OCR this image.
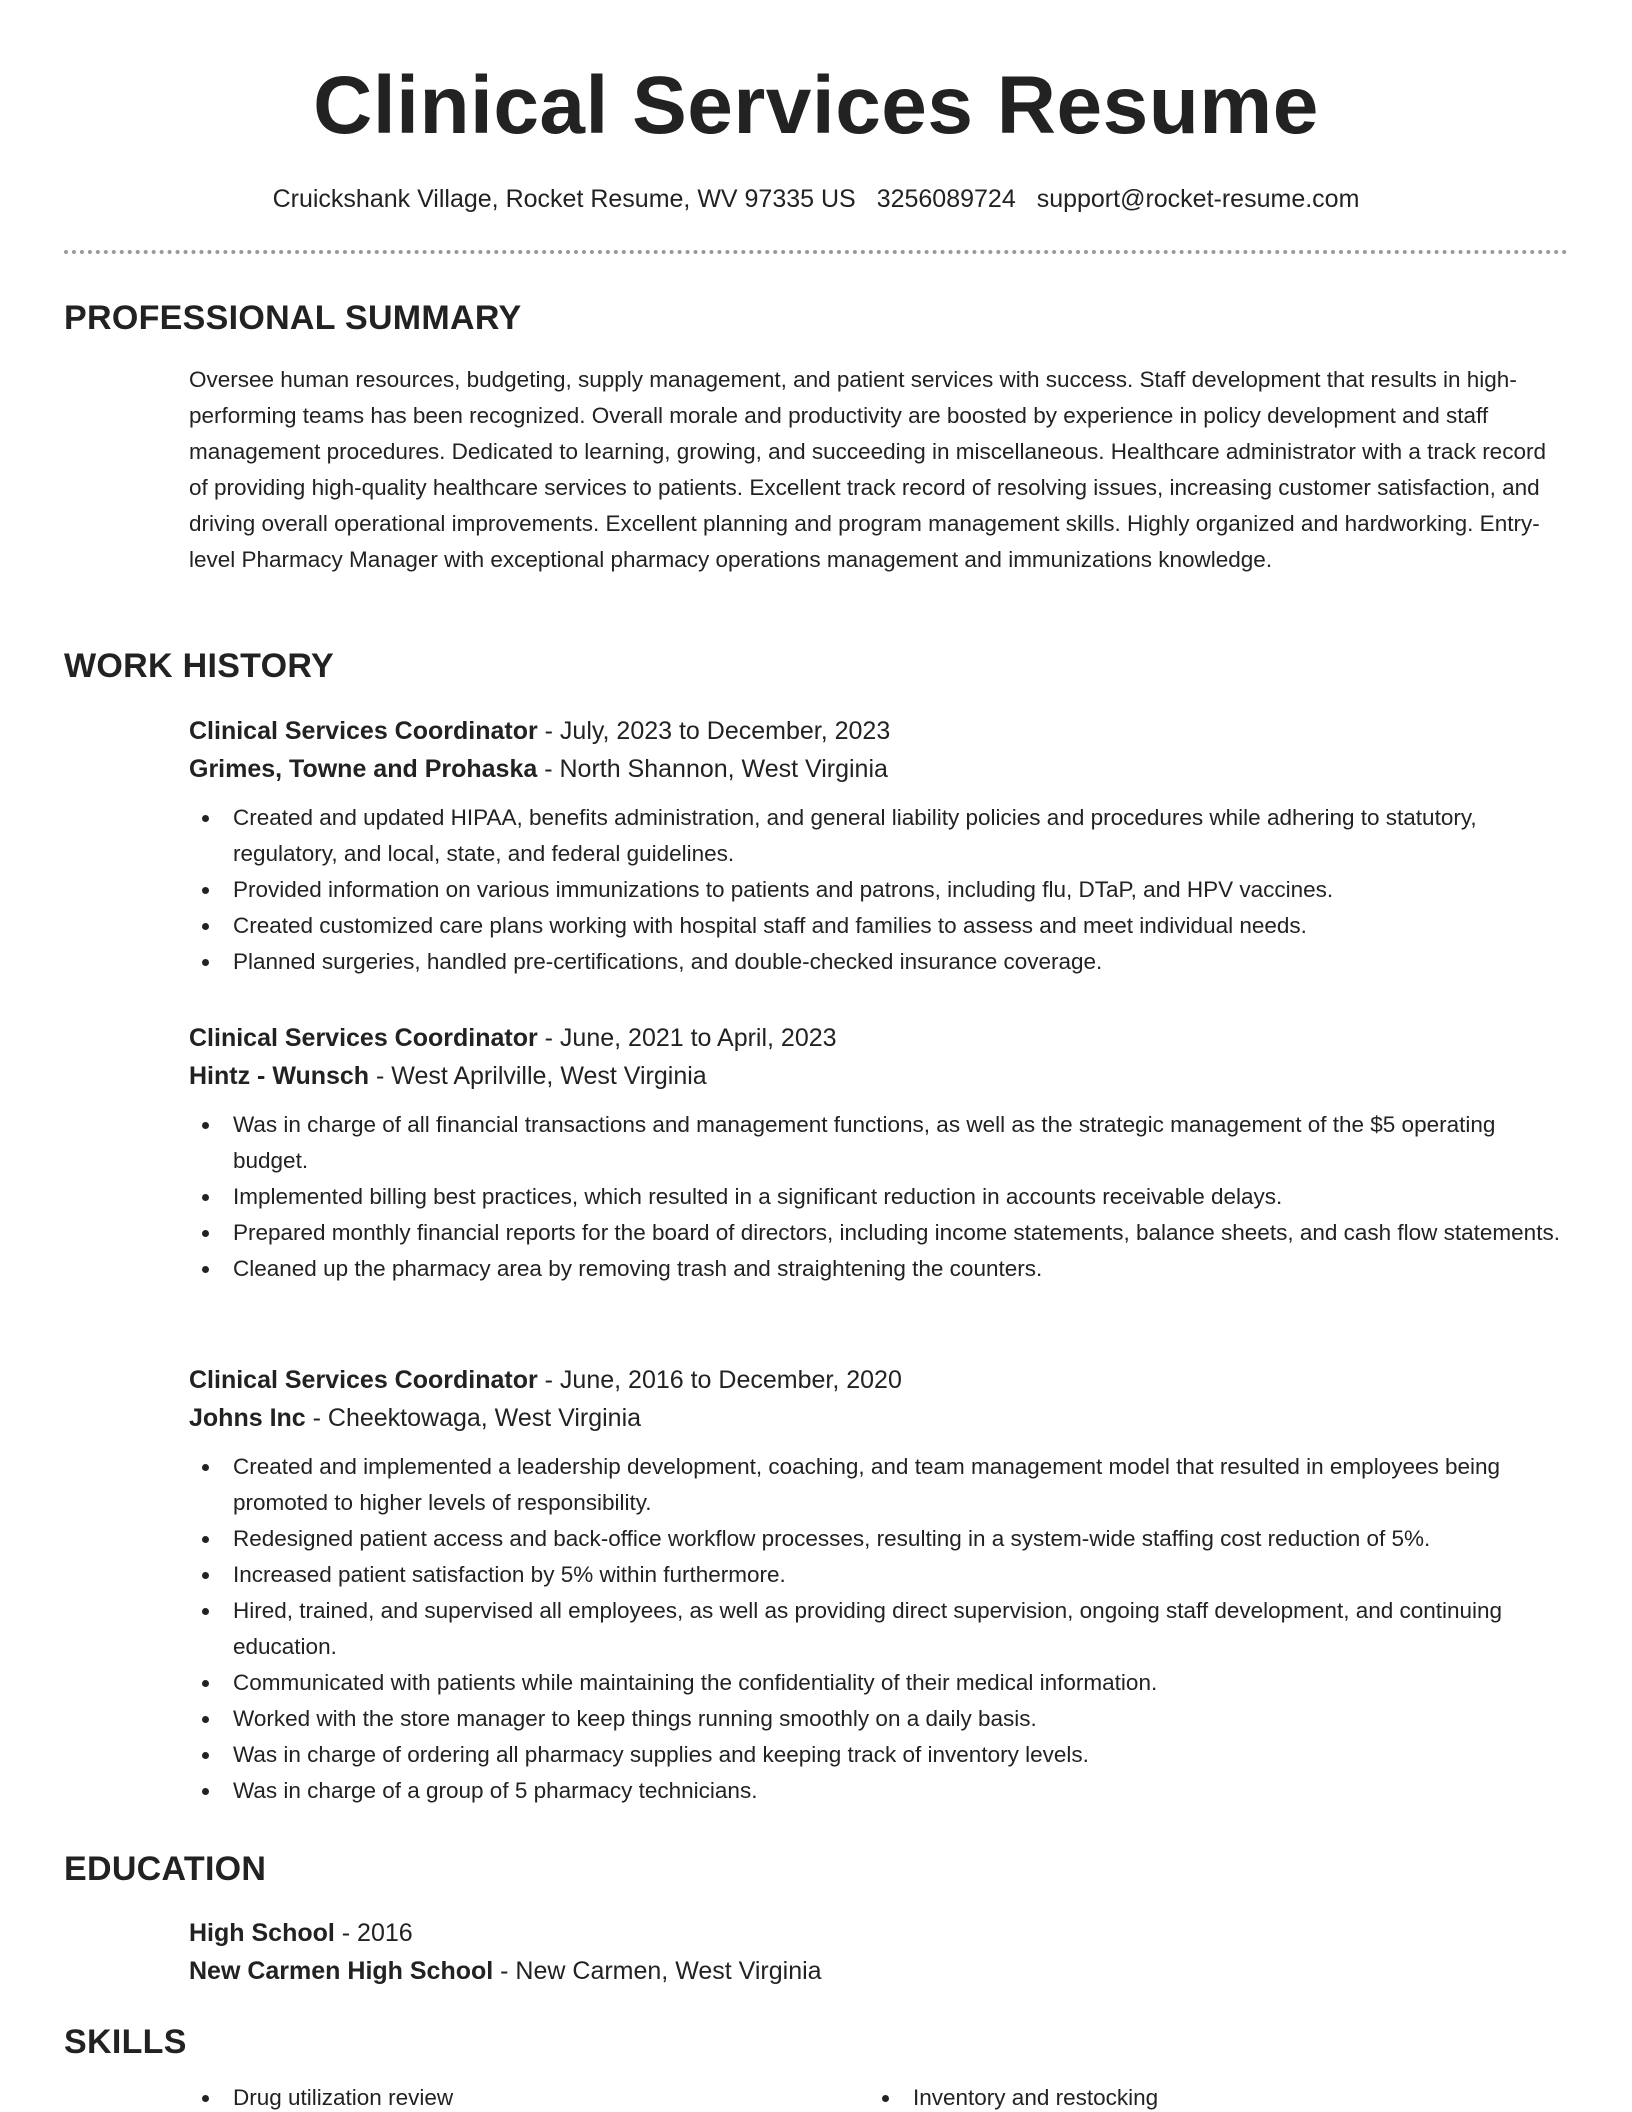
Clinical Services Resume
Cruickshank Village, Rocket Resume, WV 97335 US 3256089724 support@rocket-resume.com
PROFESSIONAL SUMMARY

Oversee human resources, budgeting, supply management, and patient services with success. Staff development that results in high-performing teams has been recognized. Overall morale and productivity are boosted by experience in policy development and staff management procedures. Dedicated to learning, growing, and succeeding in miscellaneous. Healthcare administrator with a track record of providing high-quality healthcare services to patients. Excellent track record of resolving issues, increasing customer satisfaction, and driving overall operational improvements. Excellent planning and program management skills. Highly organized and hardworking. Entry-level Pharmacy Manager with exceptional pharmacy operations management and immunizations knowledge.

WORK HISTORY
Clinical Services Coordinator - July, 2023 to December, 2023
Grimes, Towne and Prohaska - North Shannon, West Virginia
Created and updated HIPAA, benefits administration, and general liability policies and procedures while adhering to statutory, regulatory, and local, state, and federal guidelines.
Provided information on various immunizations to patients and patrons, including flu, DTaP, and HPV vaccines.
Created customized care plans working with hospital staff and families to assess and meet individual needs.
Planned surgeries, handled pre-certifications, and double-checked insurance coverage.
Clinical Services Coordinator - June, 2021 to April, 2023
Hintz - Wunsch - West Aprilville, West Virginia
Was in charge of all financial transactions and management functions, as well as the strategic management of the $5 operating budget.
Implemented billing best practices, which resulted in a significant reduction in accounts receivable delays.
Prepared monthly financial reports for the board of directors, including income statements, balance sheets, and cash flow statements.
Cleaned up the pharmacy area by removing trash and straightening the counters.
Clinical Services Coordinator - June, 2016 to December, 2020
Johns Inc - Cheektowaga, West Virginia
Created and implemented a leadership development, coaching, and team management model that resulted in employees being promoted to higher levels of responsibility.
Redesigned patient access and back-office workflow processes, resulting in a system-wide staffing cost reduction of 5%.
Increased patient satisfaction by 5% within furthermore.
Hired, trained, and supervised all employees, as well as providing direct supervision, ongoing staff development, and continuing education.
Communicated with patients while maintaining the confidentiality of their medical information.
Worked with the store manager to keep things running smoothly on a daily basis.
Was in charge of ordering all pharmacy supplies and keeping track of inventory levels.
Was in charge of a group of 5 pharmacy technicians.
EDUCATION
High School - 2016
New Carmen High School - New Carmen, West Virginia
SKILLS
Drug utilization review	Inventory and restocking
